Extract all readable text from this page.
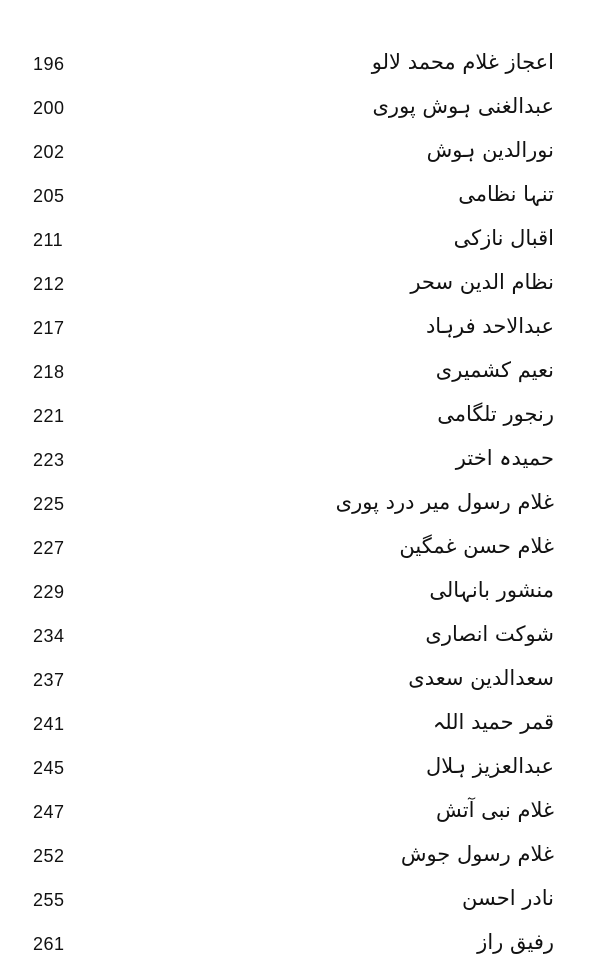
196	اعجاز غلام محمد لالو
200	عبدالغنی ہوش پوری
202	نورالدین ہوش
205	تنہا نظامی
211	اقبال نازکی
212	نظام الدین سحر
217	عبدالاحد فرہاد
218	نعیم کشمیری
221	رنجور تلگامی
223	حمیدہ اختر
225	غلام رسول میر درد پوری
227	غلام حسن غمگین
229	منشور بانہالی
234	شوکت انصاری
237	سعدالدین سعدی
241	قمر حمید اللہ
245	عبدالعزیز ہلال
247	غلام نبی آتش
252	غلام رسول جوش
255	نادر احسن
261	رفیق راز
